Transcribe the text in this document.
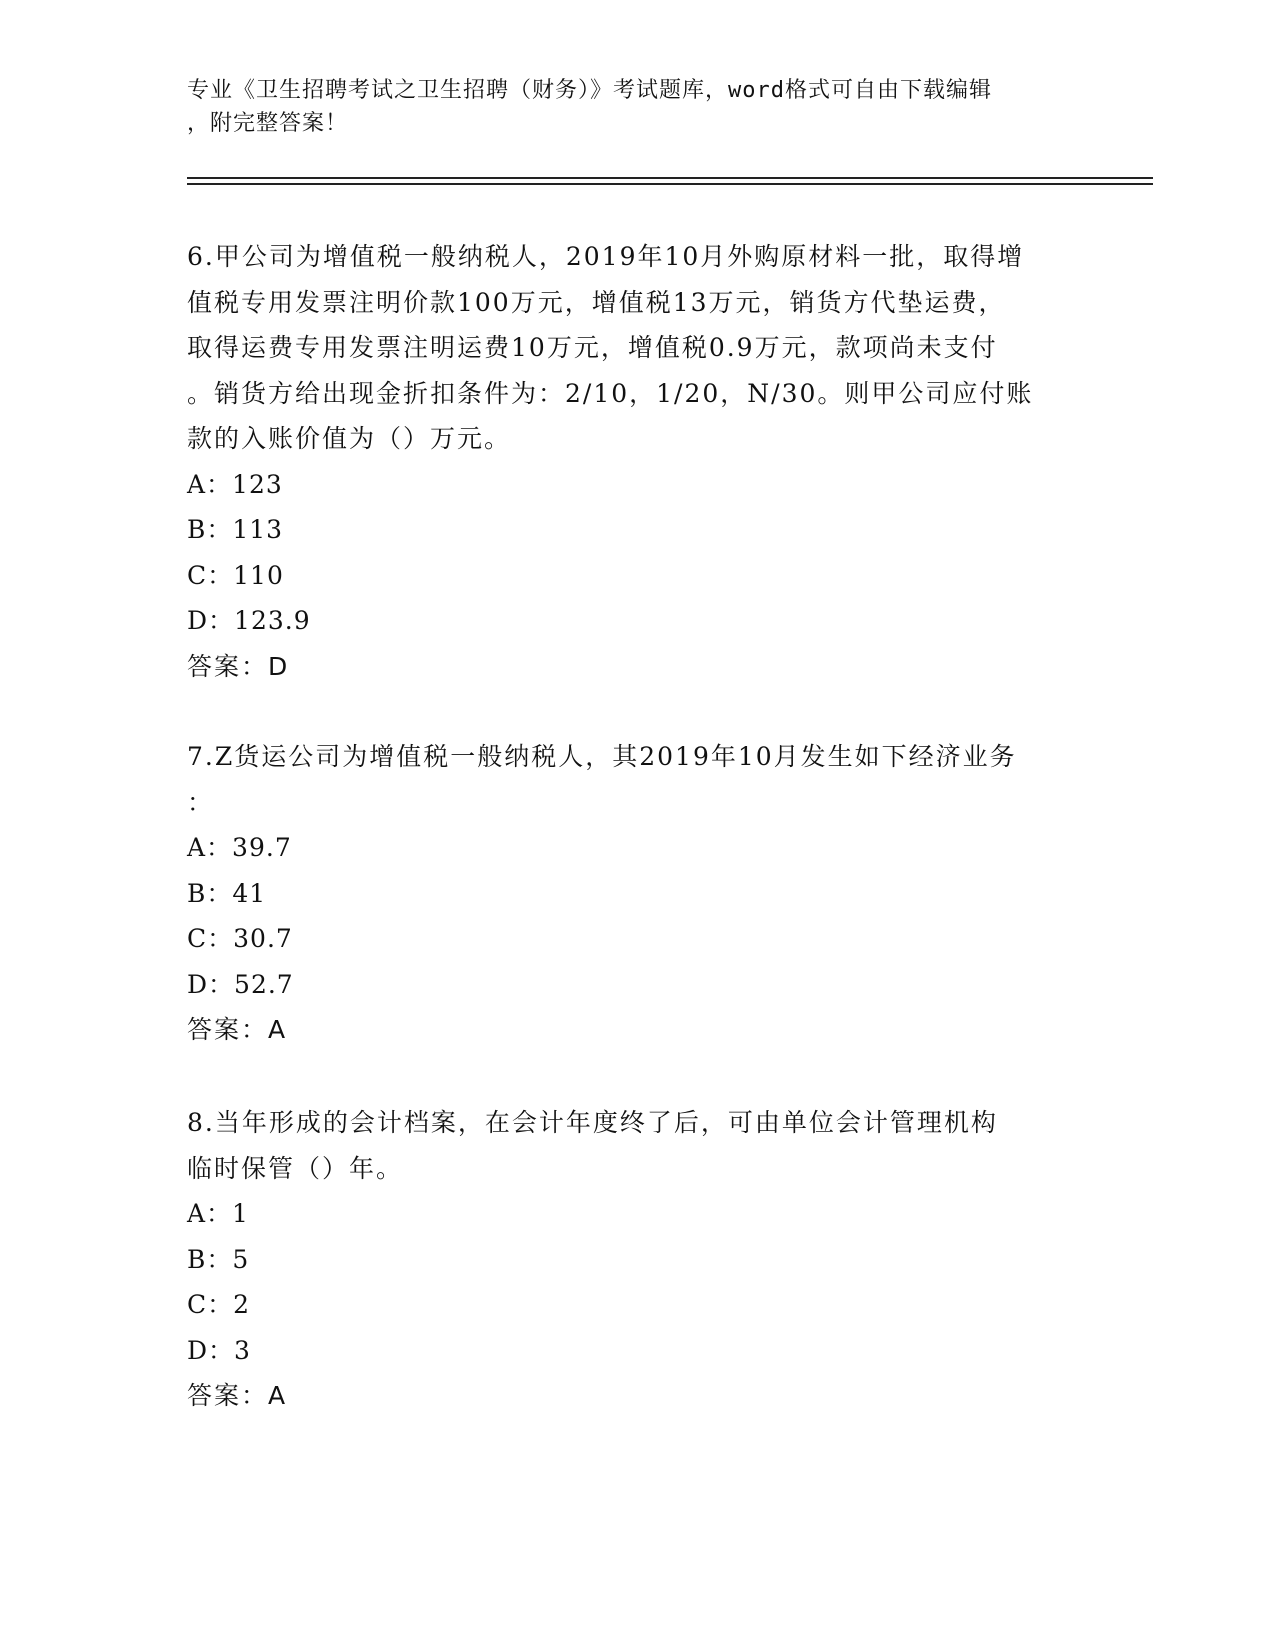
专业《卫生招聘考试之卫生招聘（财务）》考试题库，word格式可自由下载编辑
，附完整答案！
6.甲公司为增值税一般纳税人，2019年10月外购原材料一批，取得增
值税专用发票注明价款100万元，增值税13万元，销货方代垫运费，
取得运费专用发票注明运费10万元，增值税0.9万元，款项尚未支付
。销货方给出现金折扣条件为：2/10，1/20，N/30。则甲公司应付账
款的入账价值为（）万元。
A：123
B：113
C：110
D：123.9
答案：D
7.Z货运公司为增值税一般纳税人，其2019年10月发生如下经济业务
：
A：39.7
B：41
C：30.7
D：52.7
答案：A
8.当年形成的会计档案，在会计年度终了后，可由单位会计管理机构
临时保管（）年。
A：1
B：5
C：2
D：3
答案：A
